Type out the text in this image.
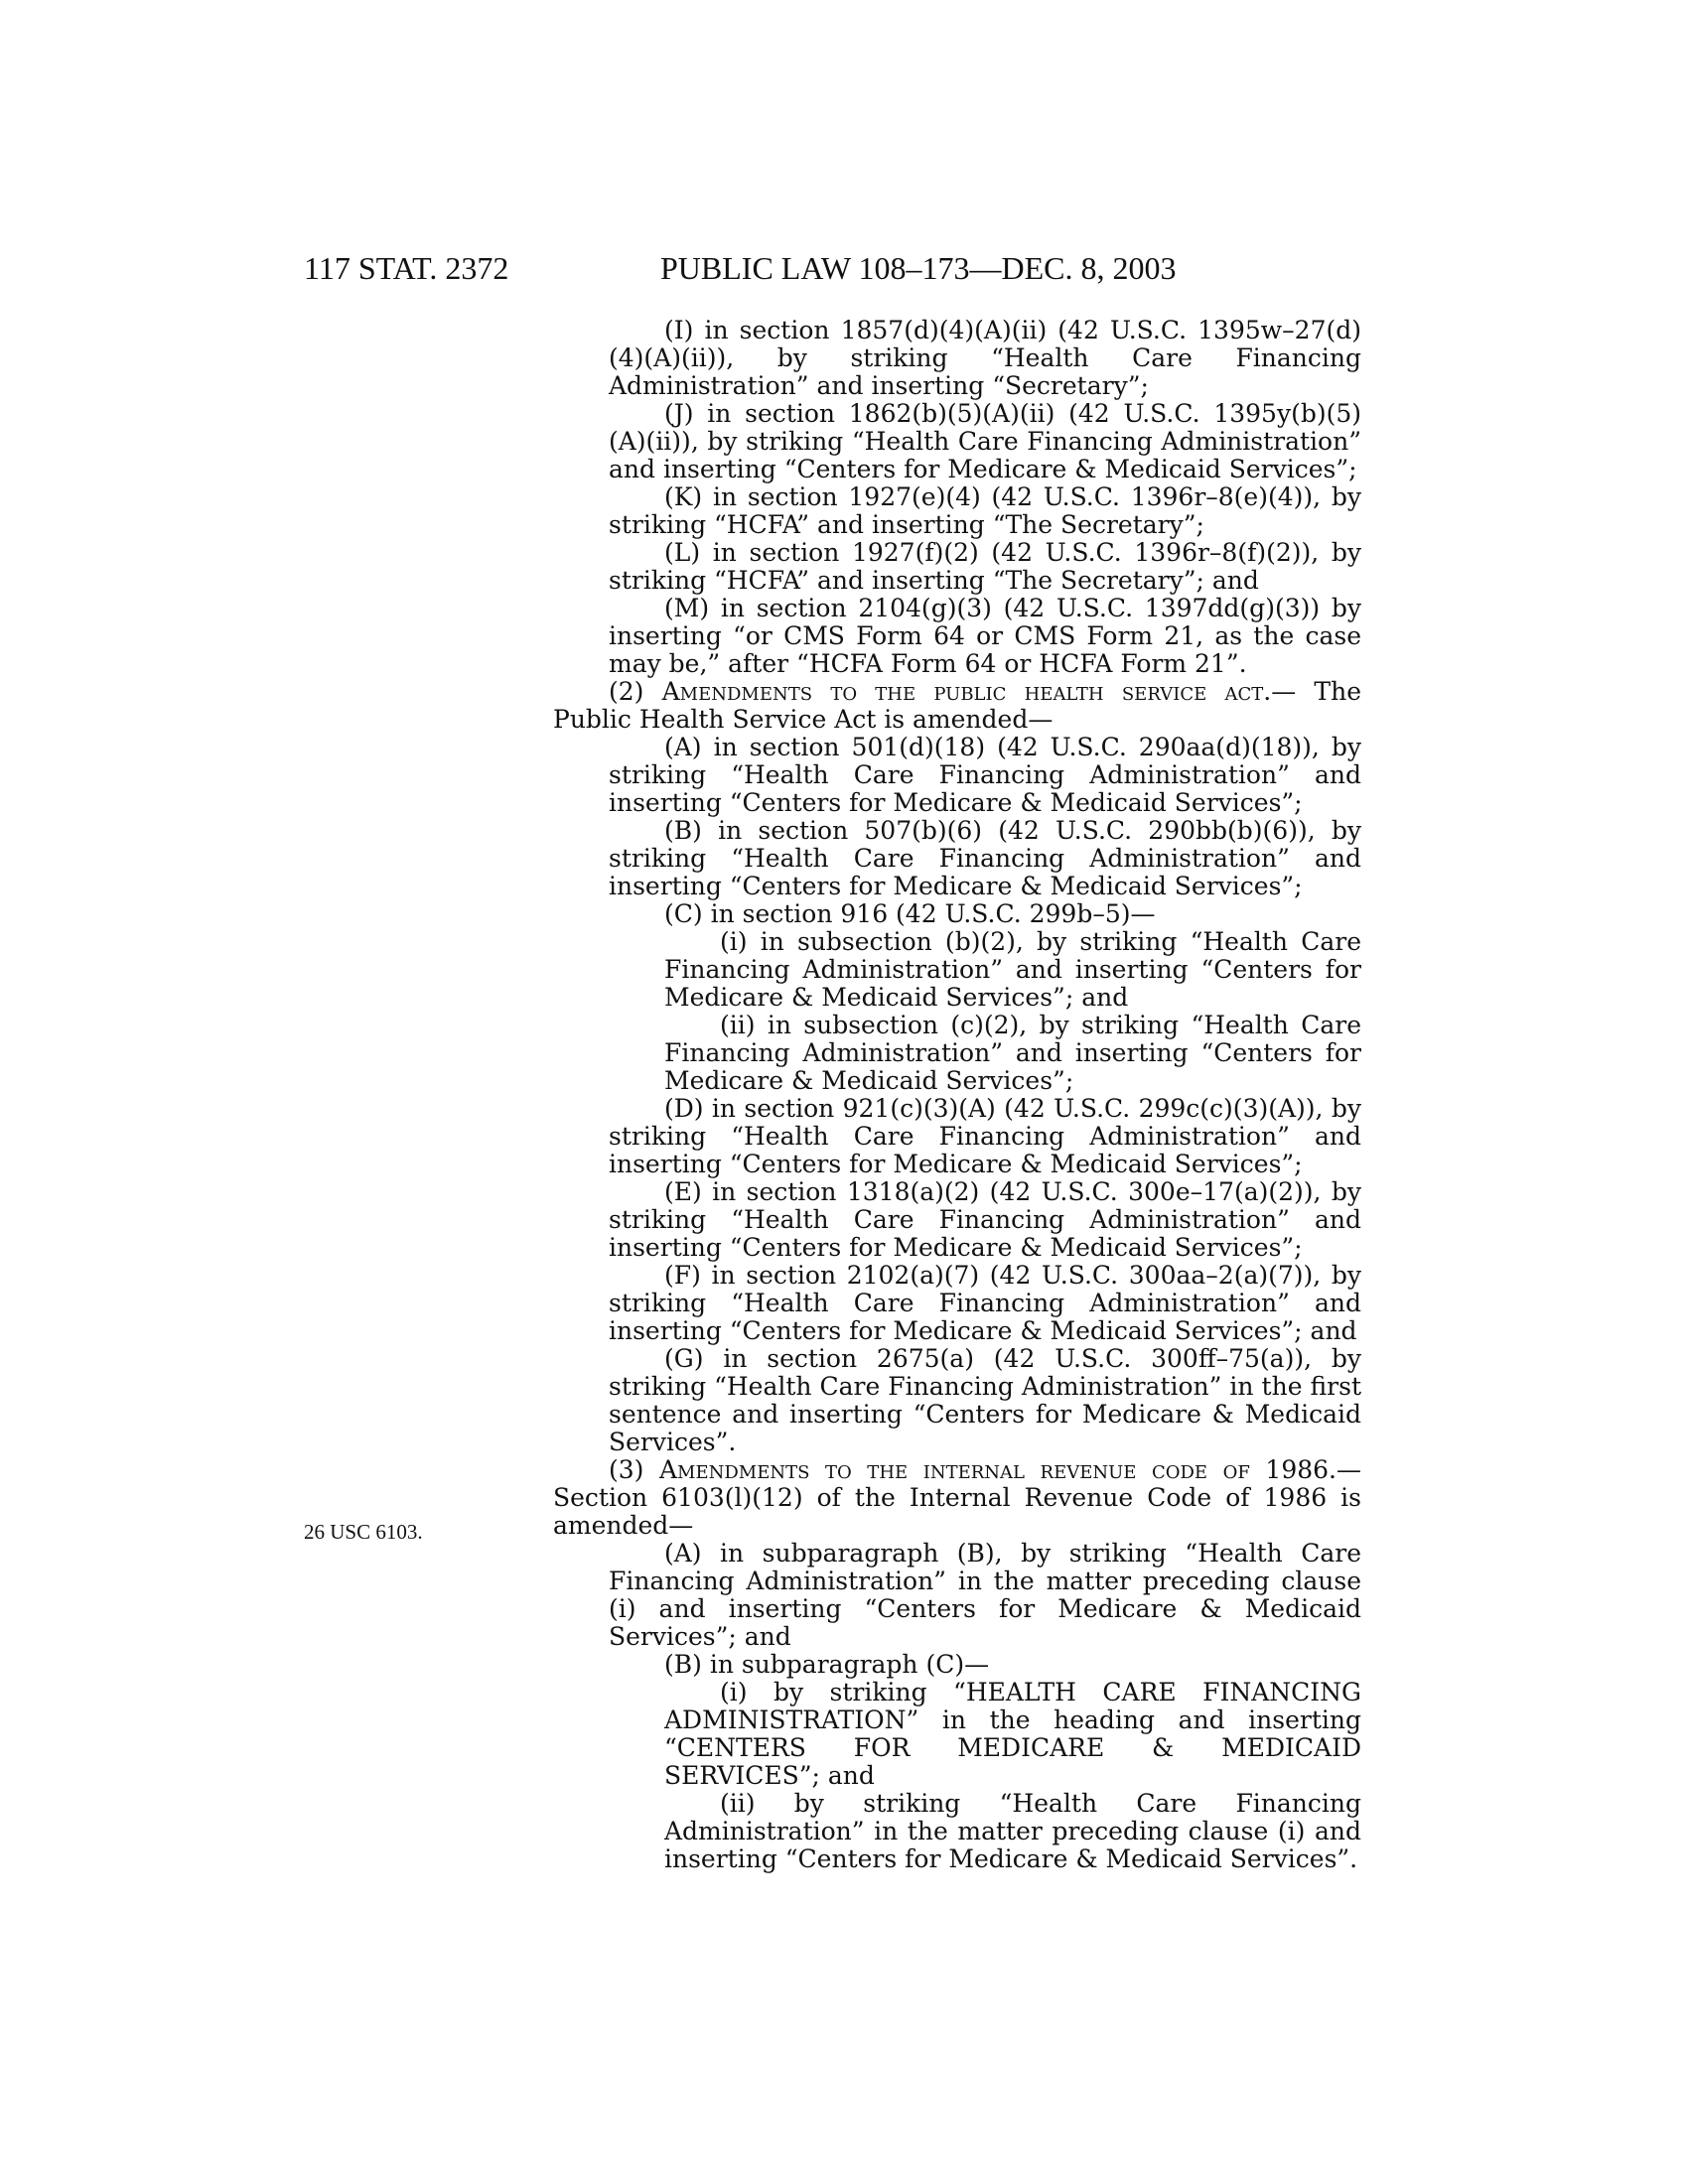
117 STAT. 2372	PUBLIC LAW 108–173—DEC. 8, 2003
26 USC 6103.
(I) in section 1857(d)(4)(A)(ii) (42 U.S.C. 1395w–27(d)(4)(A)(ii)), by striking “Health Care Financing Administration” and inserting “Secretary”;
(J) in section 1862(b)(5)(A)(ii) (42 U.S.C. 1395y(b)(5)(A)(ii)), by striking “Health Care Financing Administration” and inserting “Centers for Medicare & Medicaid Services”;
(K) in section 1927(e)(4) (42 U.S.C. 1396r–8(e)(4)), by striking “HCFA” and inserting “The Secretary”;
(L) in section 1927(f)(2) (42 U.S.C. 1396r–8(f)(2)), by striking “HCFA” and inserting “The Secretary”; and
(M) in section 2104(g)(3) (42 U.S.C. 1397dd(g)(3)) by inserting “or CMS Form 64 or CMS Form 21, as the case may be,” after “HCFA Form 64 or HCFA Form 21”.
(2) Amendments to the public health service act.— The Public Health Service Act is amended—
(A) in section 501(d)(18) (42 U.S.C. 290aa(d)(18)), by striking “Health Care Financing Administration” and inserting “Centers for Medicare & Medicaid Services”;
(B) in section 507(b)(6) (42 U.S.C. 290bb(b)(6)), by striking “Health Care Financing Administration” and inserting “Centers for Medicare & Medicaid Services”;
(C) in section 916 (42 U.S.C. 299b–5)—
(i) in subsection (b)(2), by striking “Health Care Financing Administration” and inserting “Centers for Medicare & Medicaid Services”; and
(ii) in subsection (c)(2), by striking “Health Care Financing Administration” and inserting “Centers for Medicare & Medicaid Services”;
(D) in section 921(c)(3)(A) (42 U.S.C. 299c(c)(3)(A)), by striking “Health Care Financing Administration” and inserting “Centers for Medicare & Medicaid Services”;
(E) in section 1318(a)(2) (42 U.S.C. 300e–17(a)(2)), by striking “Health Care Financing Administration” and inserting “Centers for Medicare & Medicaid Services”;
(F) in section 2102(a)(7) (42 U.S.C. 300aa–2(a)(7)), by striking “Health Care Financing Administration” and inserting “Centers for Medicare & Medicaid Services”; and
(G) in section 2675(a) (42 U.S.C. 300ff–75(a)), by striking “Health Care Financing Administration” in the first sentence and inserting “Centers for Medicare & Medicaid Services”.
(3) Amendments to the internal revenue code of 1986.— Section 6103(l)(12) of the Internal Revenue Code of 1986 is amended—
(A) in subparagraph (B), by striking “Health Care Financing Administration” in the matter preceding clause (i) and inserting “Centers for Medicare & Medicaid Services”; and
(B) in subparagraph (C)—
(i) by striking “HEALTH CARE FINANCING ADMINISTRATION” in the heading and inserting “CENTERS FOR MEDICARE & MEDICAID SERVICES”; and
(ii) by striking “Health Care Financing Administration” in the matter preceding clause (i) and inserting “Centers for Medicare & Medicaid Services”.
